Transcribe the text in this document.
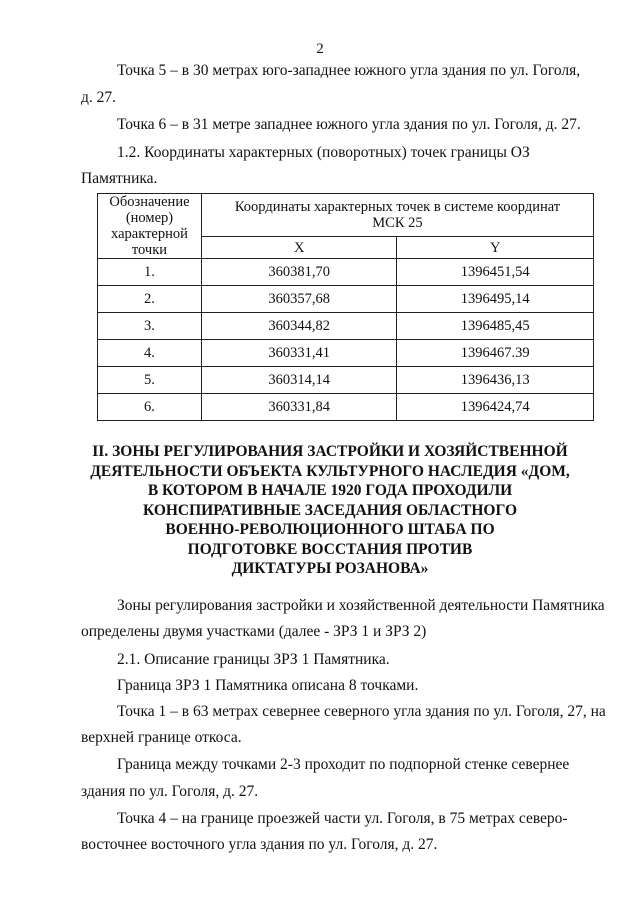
2
Точка 5 – в 30 метрах юго-западнее южного угла здания по ул. Гоголя,
д. 27.
Точка 6 – в 31 метре западнее южного угла здания по ул. Гоголя, д. 27.
1.2. Координаты характерных (поворотных) точек границы ОЗ
Памятника.
Обозначение (номер) характерной точки	Координаты характерных точек в системе координат МСК 25	
	X	Y
1.	360381,70	1396451,54
2.	360357,68	1396495,14
3.	360344,82	1396485,45
4.	360331,41	1396467.39
5.	360314,14	1396436,13
6.	360331,84	1396424,74
II. ЗОНЫ РЕГУЛИРОВАНИЯ ЗАСТРОЙКИ И ХОЗЯЙСТВЕННОЙ
ДЕЯТЕЛЬНОСТИ ОБЪЕКТА КУЛЬТУРНОГО НАСЛЕДИЯ «ДОМ,
В КОТОРОМ В НАЧАЛЕ 1920 ГОДА ПРОХОДИЛИ
КОНСПИРАТИВНЫЕ ЗАСЕДАНИЯ ОБЛАСТНОГО
ВОЕННО-РЕВОЛЮЦИОННОГО ШТАБА ПО
ПОДГОТОВКЕ ВОССТАНИЯ ПРОТИВ
ДИКТАТУРЫ РОЗАНОВА»
Зоны регулирования застройки и хозяйственной деятельности Памятника
определены двумя участками (далее - ЗРЗ 1 и ЗРЗ 2)
2.1. Описание границы ЗРЗ 1 Памятника.
Граница ЗРЗ 1 Памятника описана 8 точками.
Точка 1 – в 63 метрах севернее северного угла здания по ул. Гоголя, 27, на
верхней границе откоса.
Граница между точками 2-3 проходит по подпорной стенке севернее
здания по ул. Гоголя, д. 27.
Точка 4 – на границе проезжей части ул. Гоголя, в 75 метрах северо-
восточнее восточного угла здания по ул. Гоголя, д. 27.
